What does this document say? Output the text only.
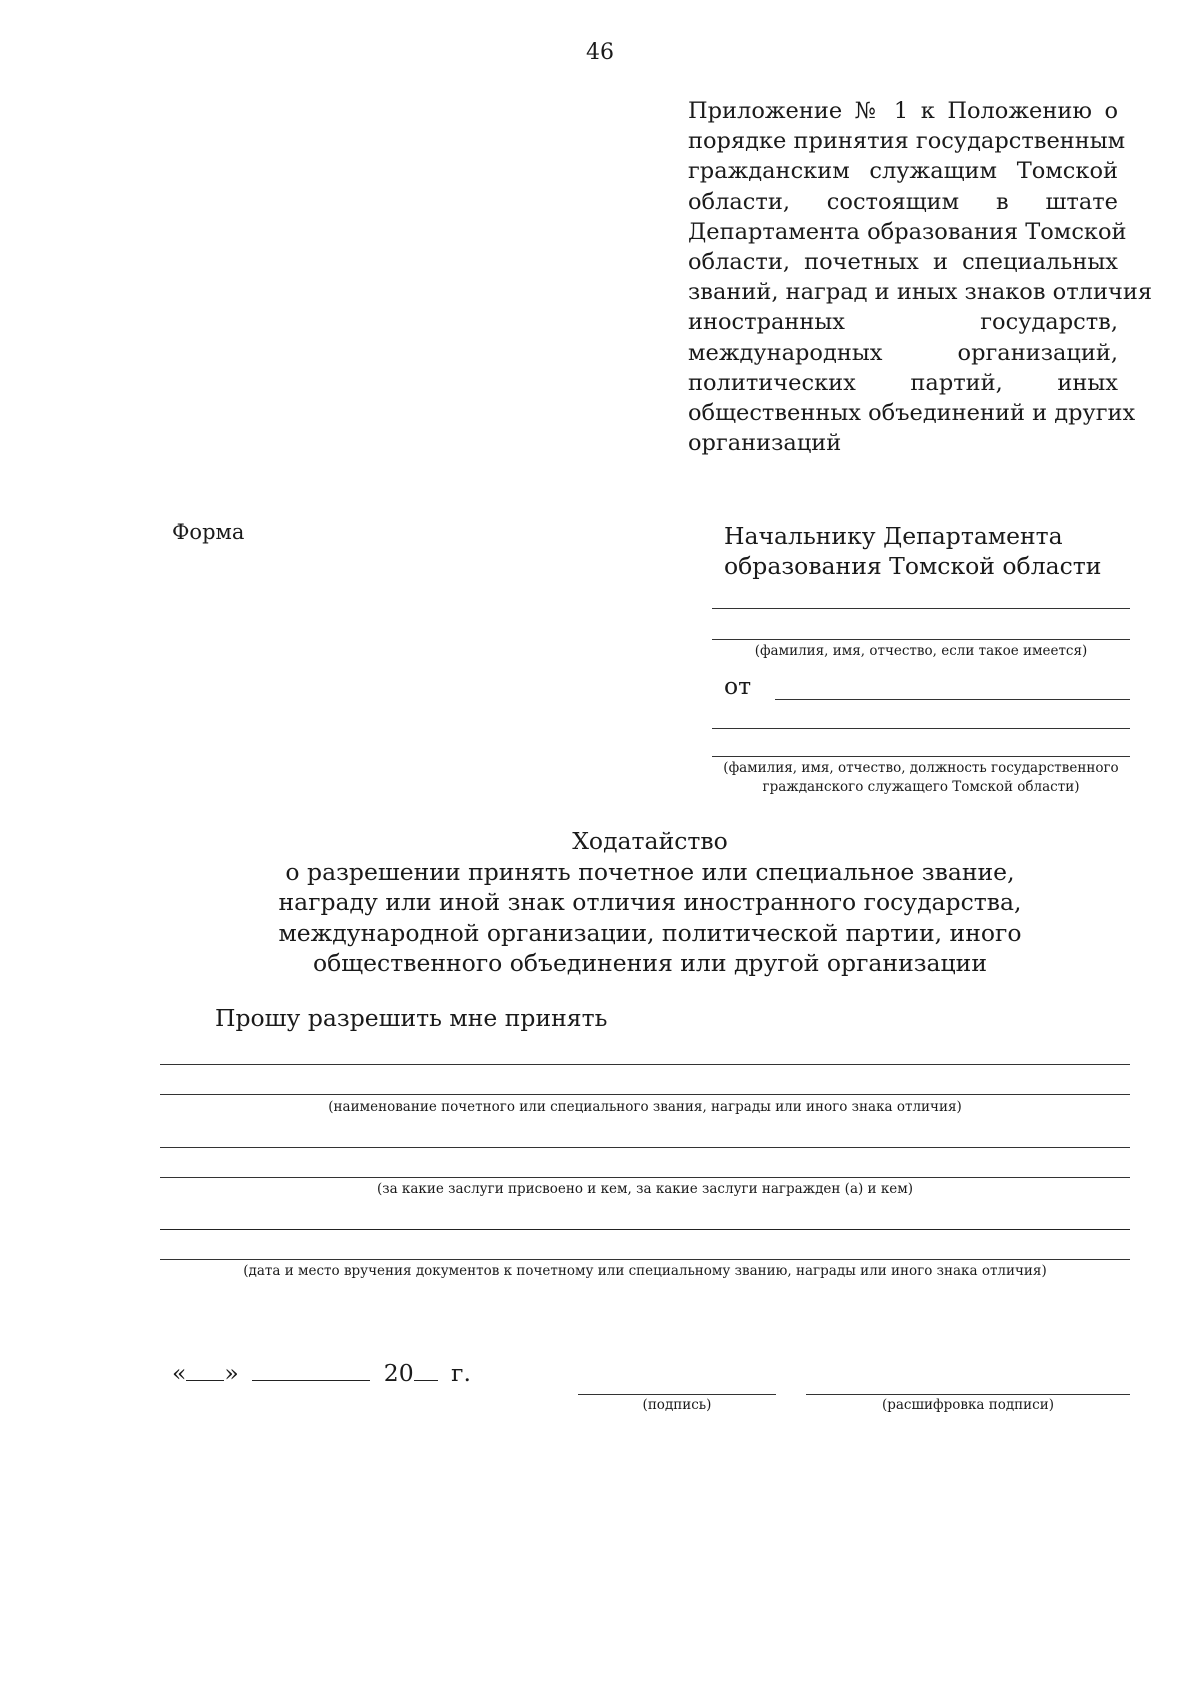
46
Приложение № 1 к Положению о
порядке принятия государственным
гражданским служащим Томской
области, состоящим в штате
Департамента образования Томской
области, почетных и специальных
званий, наград и иных знаков отличия
иностранных государств,
международных организаций,
политических партий, иных
общественных объединений и других
организаций
Форма	Начальнику Департамента
образования Томской области
(фамилия, имя, отчество, если такое имеется)
от
(фамилия, имя, отчество, должность государственного
гражданского служащего Томской области)
Ходатайство
о разрешении принять почетное или специальное звание,
награду или иной знак отличия иностранного государства,
международной организации, политической партии, иного
общественного объединения или другой организации
Прошу разрешить мне принять
(наименование почетного или специального звания, награды или иного знака отличия)
(за какие заслуги присвоено и кем, за какие заслуги награжден (а) и кем)
(дата и место вручения документов к почетному или специальному званию, награды или иного знака отличия)
« »	20 г.
(подпись)	(расшифровка подписи)
